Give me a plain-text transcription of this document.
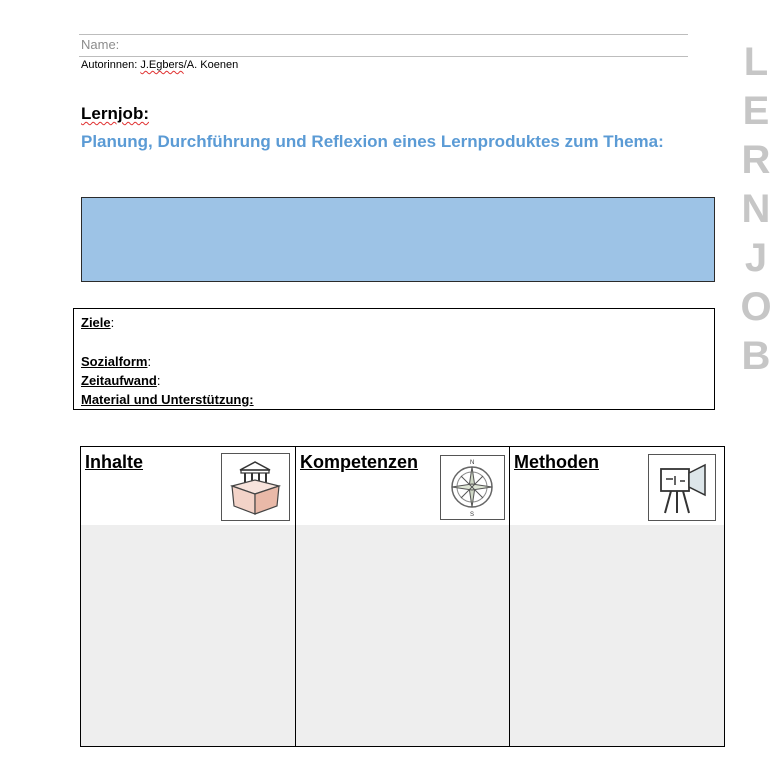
Name:
Autorinnen: J.Egbers/A. Koenen
Lernjob:
Planung, Durchführung und Reflexion eines Lernproduktes zum Thema:
Ziele:
Sozialform:
Zeitaufwand:
Material und Unterstützung:
L
E
R
N
J
O
B
Inhalte	Kompetenzen	N
S
Methoden
